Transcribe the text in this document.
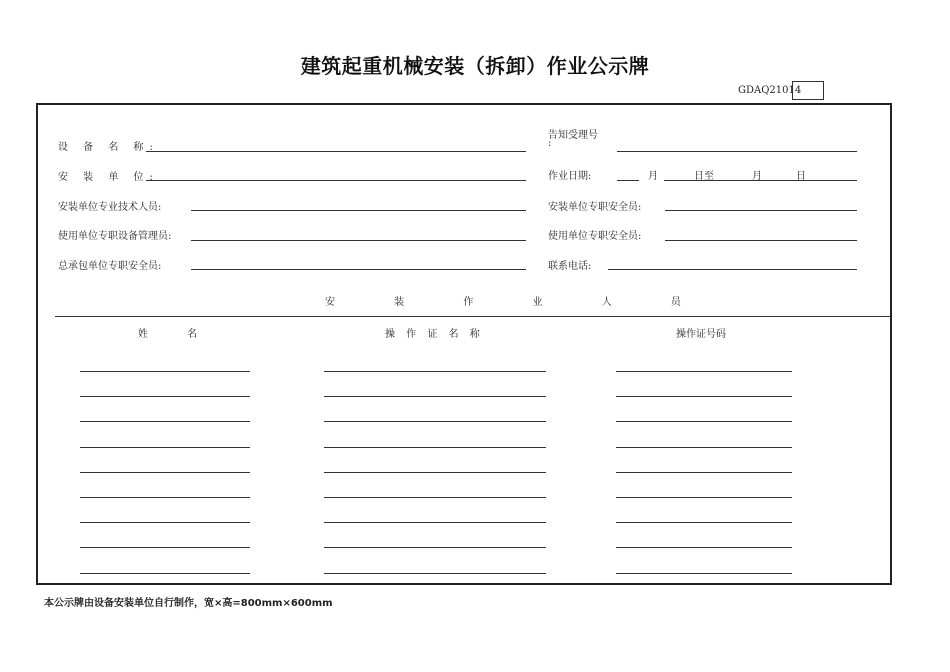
建筑起重机械安装（拆卸）作业公示牌
GDAQ21014
设 备 名 称:
安 装 单 位:
安装单位专业技术人员:
使用单位专职设备管理员:
总承包单位专职安全员:
告知受理号
:
作业日期:	月	日至	月	日
安装单位专职安全员:
使用单位专职安全员:
联系电话:
安 装 作 业 人 员
姓 名	操 作 证 名 称	操作证号码
本公示牌由设备安装单位自行制作，宽×高=800mm×600mm
